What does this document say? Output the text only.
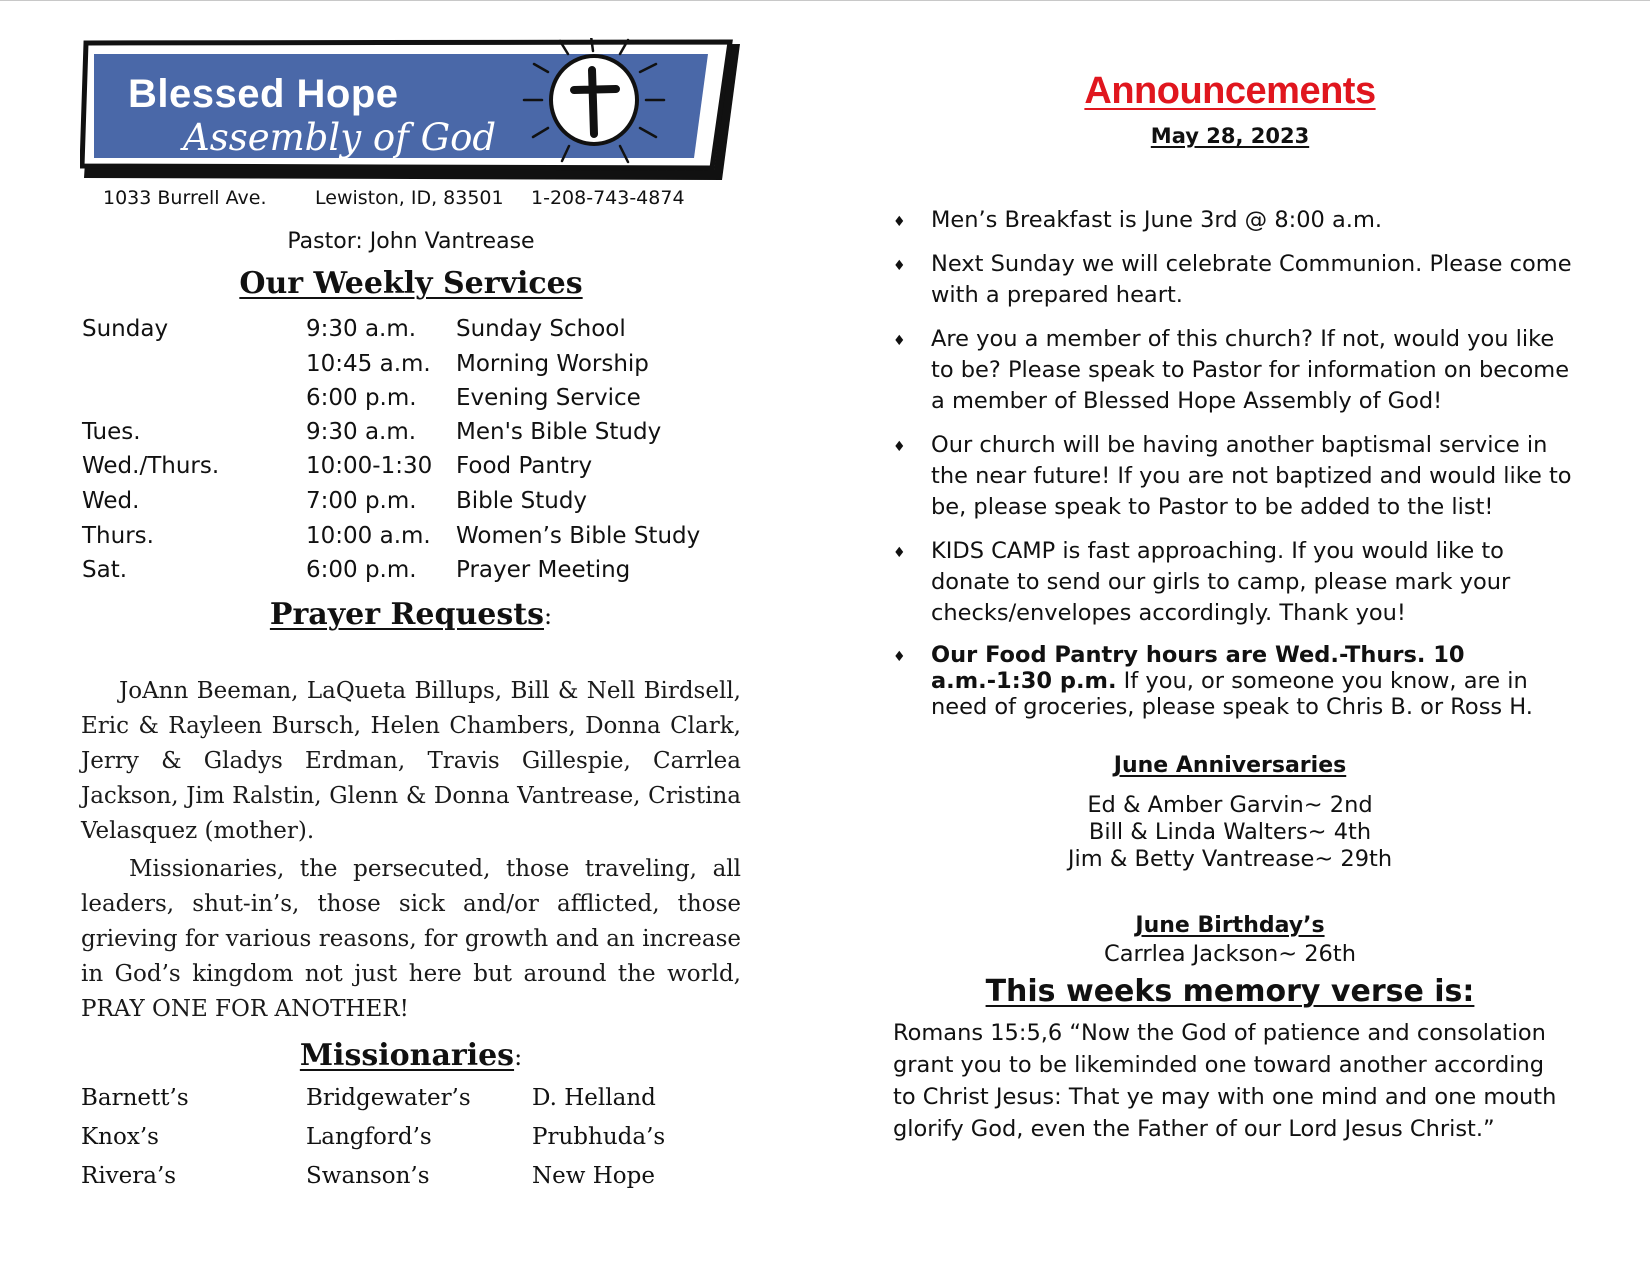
Blessed Hope
Assembly of God
1033 Burrell Ave.	Lewiston, ID, 83501 1-208-743-4874
Pastor: John Vantrease
Our Weekly Services
Sunday	9:30 a.m. Sunday School
10:45 a.m. Morning Worship
6:00 p.m. Evening Service
Tues.	9:30 a.m. Men's Bible Study
Wed./Thurs.	10:00-1:30 Food Pantry
Wed.	7:00 p.m. Bible Study
Thurs.	10:00 a.m. Women’s Bible Study
Sat.	6:00 p.m. Prayer Meeting
Prayer Requests:

JoAnn Beeman, LaQueta Billups, Bill & Nell Birdsell, Eric & Rayleen Bursch, Helen Chambers, Donna Clark, Jerry & Gladys Erdman, Travis Gillespie, Carrlea Jackson, Jim Ralstin, Glenn & Donna Vantrease, Cristina Velasquez (mother).

Missionaries, the persecuted, those traveling, all leaders, shut-in’s, those sick and/or afflicted, those grieving for various reasons, for growth and an increase in God’s kingdom not just here but around the world, PRAY ONE FOR ANOTHER!

Missionaries:
Barnett’s	Bridgewater’s	D. Helland
Knox’s	Langford’s	Prubhuda’s
Rivera’s	Swanson’s	New Hope
Announcements
May 28, 2023
♦ Men’s Breakfast is June 3rd @ 8:00 a.m.
♦ Next Sunday we will celebrate Communion. Please come with a prepared heart.
♦ Are you a member of this church? If not, would you like to be? Please speak to Pastor for information on become a member of Blessed Hope Assembly of God!
♦ Our church will be having another baptismal service in the near future! If you are not baptized and would like to be, please speak to Pastor to be added to the list!
♦ KIDS CAMP is fast approaching. If you would like to donate to send our girls to camp, please mark your checks/envelopes accordingly. Thank you!
♦ Our Food Pantry hours are Wed.-Thurs. 10 a.m.-1:30 p.m. If you, or someone you know, are in need of groceries, please speak to Chris B. or Ross H.
June Anniversaries
Ed & Amber Garvin~ 2nd
Bill & Linda Walters~ 4th
Jim & Betty Vantrease~ 29th
June Birthday’s
Carrlea Jackson~ 26th
This weeks memory verse is:

Romans 15:5,6 “Now the God of patience and consolation grant you to be likeminded one toward another according to Christ Jesus: That ye may with one mind and one mouth glorify God, even the Father of our Lord Jesus Christ.”
